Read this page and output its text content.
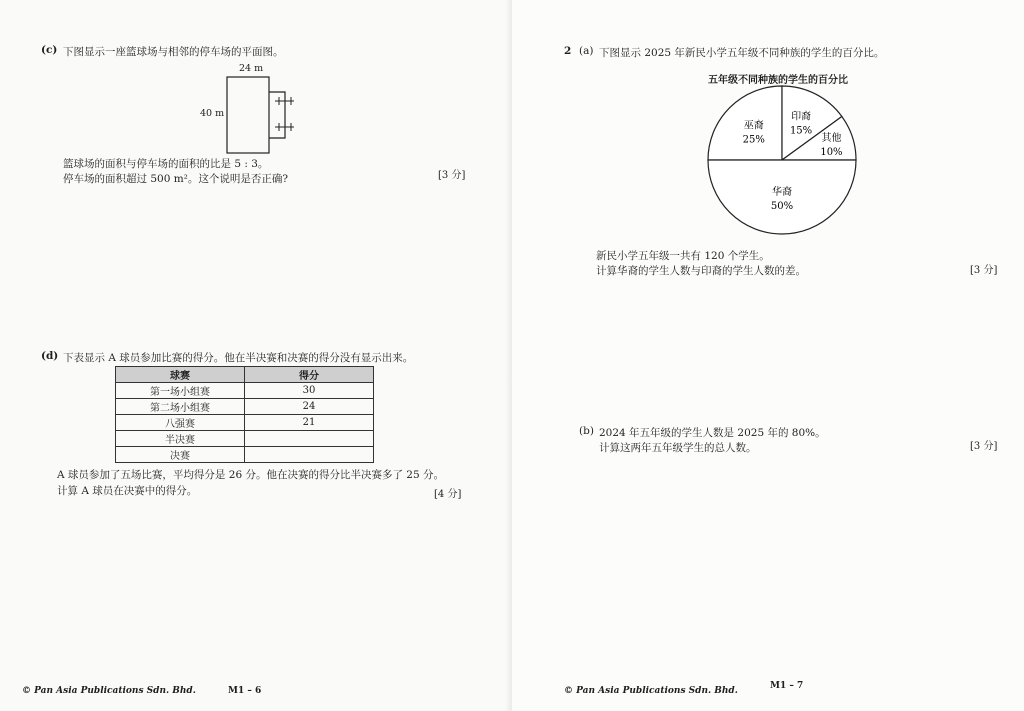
(c) 下图显示一座篮球场与相邻的停车场的平面图。
24 m
40 m
篮球场的面积与停车场的面积的比是 5 : 3。
停车场的面积超过 500 m²。这个说明是否正确?	[3 分]
(d) 下表显示 A 球员参加比赛的得分。他在半决赛和决赛的得分没有显示出来。
球赛	得分
第一场小组赛	30
第二场小组赛	24
八强赛	21
半决赛	
决赛	
A 球员参加了五场比赛，平均得分是 26 分。他在决赛的得分比半决赛多了 25 分。
计算 A 球员在决赛中的得分。	[4 分]
© Pan Asia Publications Sdn. Bhd.	M1 – 6
2 (a) 下图显示 2025 年新民小学五年级不同种族的学生的百分比。
五年级不同种族的学生的百分比
巫裔
25%
印裔
15%
其他
10%
华裔
50%
新民小学五年级一共有 120 个学生。
计算华裔的学生人数与印裔的学生人数的差。	[3 分]
(b) 2024 年五年级的学生人数是 2025 年的 80%。
计算这两年五年级学生的总人数。	[3 分]
© Pan Asia Publications Sdn. Bhd.	M1 – 7
